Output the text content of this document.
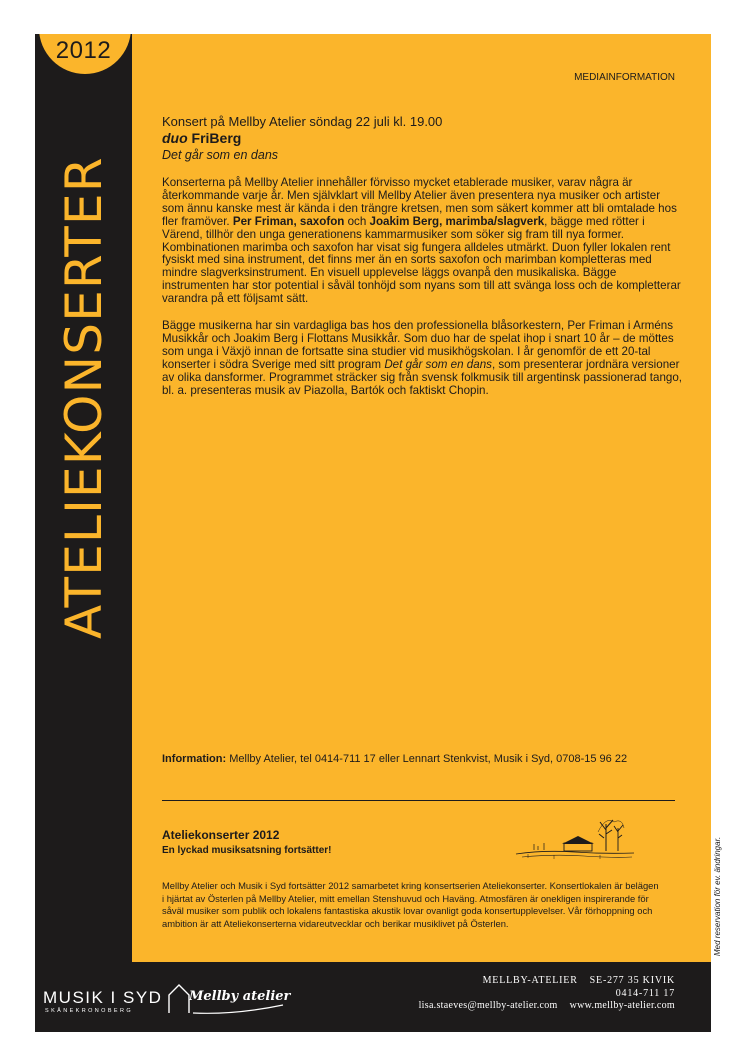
MEDIAINFORMATION
Konsert på Mellby Atelier söndag 22 juli kl. 19.00
duo FriBerg
Det går som en dans

Konserterna på Mellby Atelier innehåller förvisso mycket etablerade musiker, varav några är återkommande varje år. Men självklart vill Mellby Atelier även presentera nya musiker och artister som ännu kanske mest är kända i den trängre kretsen, men som säkert kommer att bli omtalade hos fler framöver. Per Friman, saxofon och Joakim Berg, marimba/slagverk, bägge med rötter i Värend, tillhör den unga generationens kammarmusiker som söker sig fram till nya former. Kombinationen marimba och saxofon har visat sig fungera alldeles utmärkt. Duon fyller lokalen rent fysiskt med sina instrument, det finns mer än en sorts saxofon och marimban kompletteras med mindre slagverksinstrument. En visuell upplevelse läggs ovanpå den musikaliska. Bägge instrumenten har stor potential i såväl tonhöjd som nyans som till att svänga loss och de kompletterar varandra på ett följsamt sätt.

Bägge musikerna har sin vardagliga bas hos den professionella blåsorkestern, Per Friman i Arméns Musikkår och Joakim Berg i Flottans Musikkår. Som duo har de spelat ihop i snart 10 år – de möttes som unga i Växjö innan de fortsatte sina studier vid musikhögskolan. I år genomför de ett 20-tal konserter i södra Sverige med sitt program Det går som en dans, som presenterar jordnära versioner av olika dansformer. Programmet sträcker sig från svensk folkmusik till argentinsk passionerad tango, bl. a. presenteras musik av Piazolla, Bartók och faktiskt Chopin.

Information: Mellby Atelier, tel 0414-711 17 eller Lennart Stenkvist, Musik i Syd, 0708-15 96 22
Ateliekonserter 2012
En lyckad musiksatsning fortsätter!
Mellby Atelier och Musik i Syd fortsätter 2012 samarbetet kring konsertserien Ateliekonserter. Konsertlokalen är belägen i hjärtat av Österlen på Mellby Atelier, mitt emellan Stenshuvud och Haväng. Atmosfären är onekligen inspirerande för såväl musiker som publik och lokalens fantastiska akustik lovar ovanligt goda konsertupplevelser. Vår förhoppning och ambition är att Ateliekonserterna vidareutvecklar och berikar musiklivet på Österlen.	Med reservation för ev. ändringar.
2012
ATELIEKONSERTER
MUSIK I SYD
SKÅNEKRONOBERG
Mellby atelier
MELLBY-ATELIER SE-277 35 KIVIK
0414-711 17
lisa.staeves@mellby-atelier.com www.mellby-atelier.com
